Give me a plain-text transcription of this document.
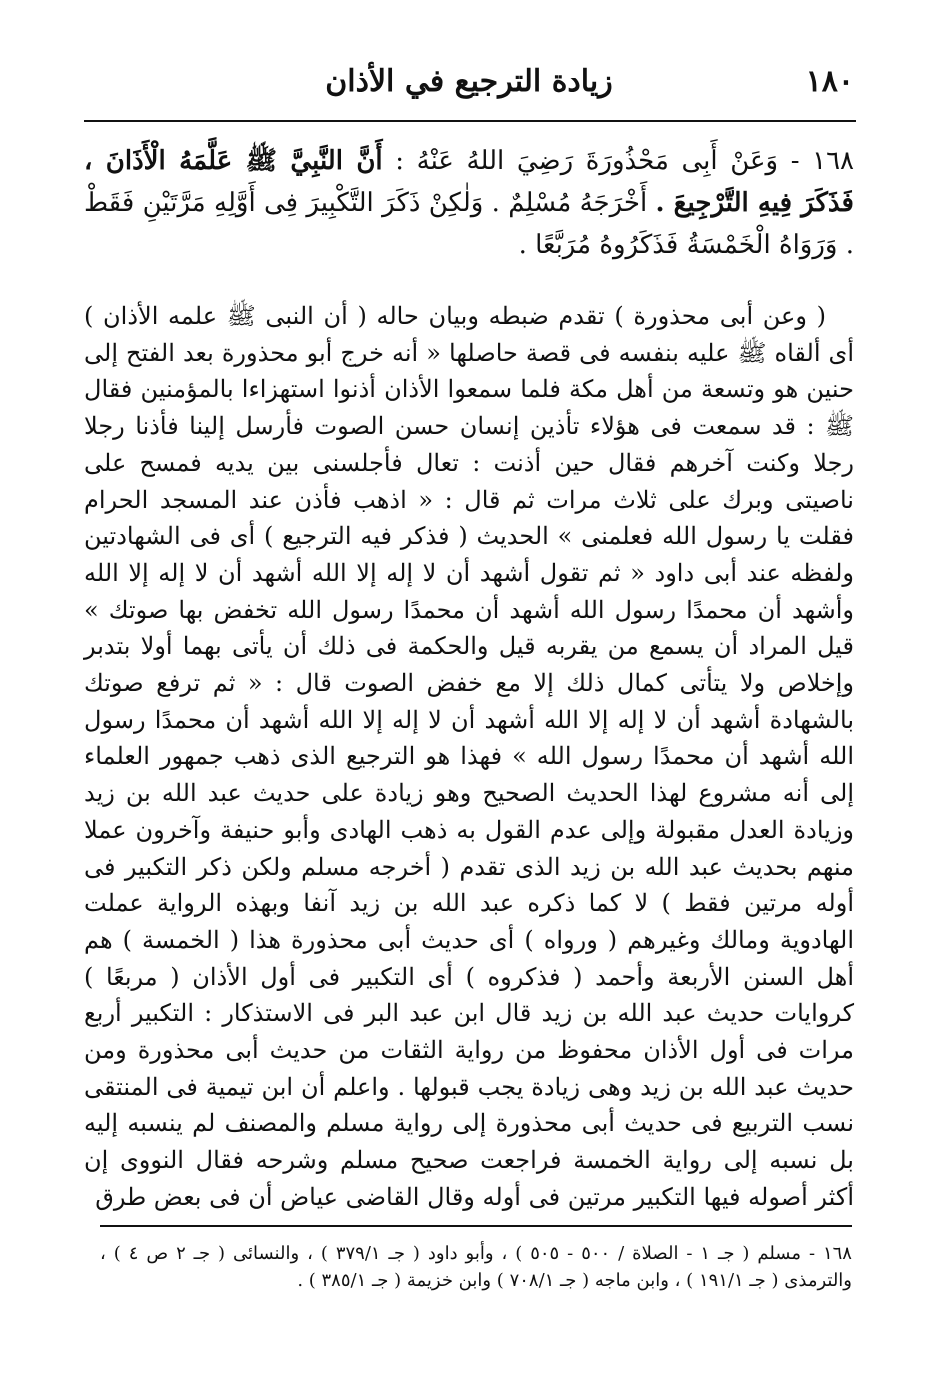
١٨٠
زيادة الترجيع في الأذان
١٦٨ - وَعَنْ أَبِى مَحْذُورَةَ رَضِيَ اللهُ عَنْهُ : أَنَّ النَّبِيَّ ﷺ عَلَّمَهُ الْأَذَانَ ، فَذَكَرَ فِيهِ التَّرْجِيعَ . أَخْرَجَهُ مُسْلِمٌ . وَلٰكِنْ ذَكَرَ التَّكْبِيرَ فِى أَوَّلِهِ مَرَّتَيْنِ فَقَطْ . وَرَوَاهُ الْخَمْسَةُ فَذَكَرُوهُ مُرَبَّعًا .

( وعن أبى محذورة ) تقدم ضبطه وبيان حاله ( أن النبى ﷺ علمه الأذان ) أى ألقاه ﷺ عليه بنفسه فى قصة حاصلها « أنه خرج أبو محذورة بعد الفتح إلى حنين هو وتسعة من أهل مكة فلما سمعوا الأذان أذنوا استهزاءا بالمؤمنين فقال ﷺ : قد سمعت فى هؤلاء تأذين إنسان حسن الصوت فأرسل إلينا فأذنا رجلا رجلا وكنت آخرهم فقال حين أذنت : تعال فأجلسنى بين يديه فمسح على ناصيتى وبرك على ثلاث مرات ثم قال : « اذهب فأذن عند المسجد الحرام فقلت يا رسول الله فعلمنى » الحديث ( فذكر فيه الترجيع ) أى فى الشهادتين ولفظه عند أبى داود « ثم تقول أشهد أن لا إله إلا الله أشهد أن لا إله إلا الله وأشهد أن محمدًا رسول الله أشهد أن محمدًا رسول الله تخفض بها صوتك » قيل المراد أن يسمع من يقربه قيل والحكمة فى ذلك أن يأتى بهما أولا بتدبر وإخلاص ولا يتأتى كمال ذلك إلا مع خفض الصوت قال : « ثم ترفع صوتك بالشهادة أشهد أن لا إله إلا الله أشهد أن لا إله إلا الله أشهد أن محمدًا رسول الله أشهد أن محمدًا رسول الله » فهذا هو الترجيع الذى ذهب جمهور العلماء إلى أنه مشروع لهذا الحديث الصحيح وهو زيادة على حديث عبد الله بن زيد وزيادة العدل مقبولة وإلى عدم القول به ذهب الهادى وأبو حنيفة وآخرون عملا منهم بحديث عبد الله بن زيد الذى تقدم ( أخرجه مسلم ولكن ذكر التكبير فى أوله مرتين فقط ) لا كما ذكره عبد الله بن زيد آنفا وبهذه الرواية عملت الهادوية ومالك وغيرهم ( ورواه ) أى حديث أبى محذورة هذا ( الخمسة ) هم أهل السنن الأربعة وأحمد ( فذكروه ) أى التكبير فى أول الأذان ( مربعًا ) كروايات حديث عبد الله بن زيد قال ابن عبد البر فى الاستذكار : التكبير أربع مرات فى أول الأذان محفوظ من رواية الثقات من حديث أبى محذورة ومن حديث عبد الله بن زيد وهى زيادة يجب قبولها . واعلم أن ابن تيمية فى المنتقى نسب التربيع فى حديث أبى محذورة إلى رواية مسلم والمصنف لم ينسبه إليه بل نسبه إلى رواية الخمسة فراجعت صحيح مسلم وشرحه فقال النووى إن أكثر أصوله فيها التكبير مرتين فى أوله وقال القاضى عياض أن فى بعض طرق

١٦٨ - مسلم ( جـ ١ - الصلاة / ٥٠٠ - ٥٠٥ ) ، وأبو داود ( جـ ٣٧٩/١ ) ، والنسائى ( جـ ٢ ص ٤ ) ، والترمذى ( جـ ١٩١/١ ) ، وابن ماجه ( جـ ٧٠٨/١ ) وابن خزيمة ( جـ ٣٨٥/١ ) .
